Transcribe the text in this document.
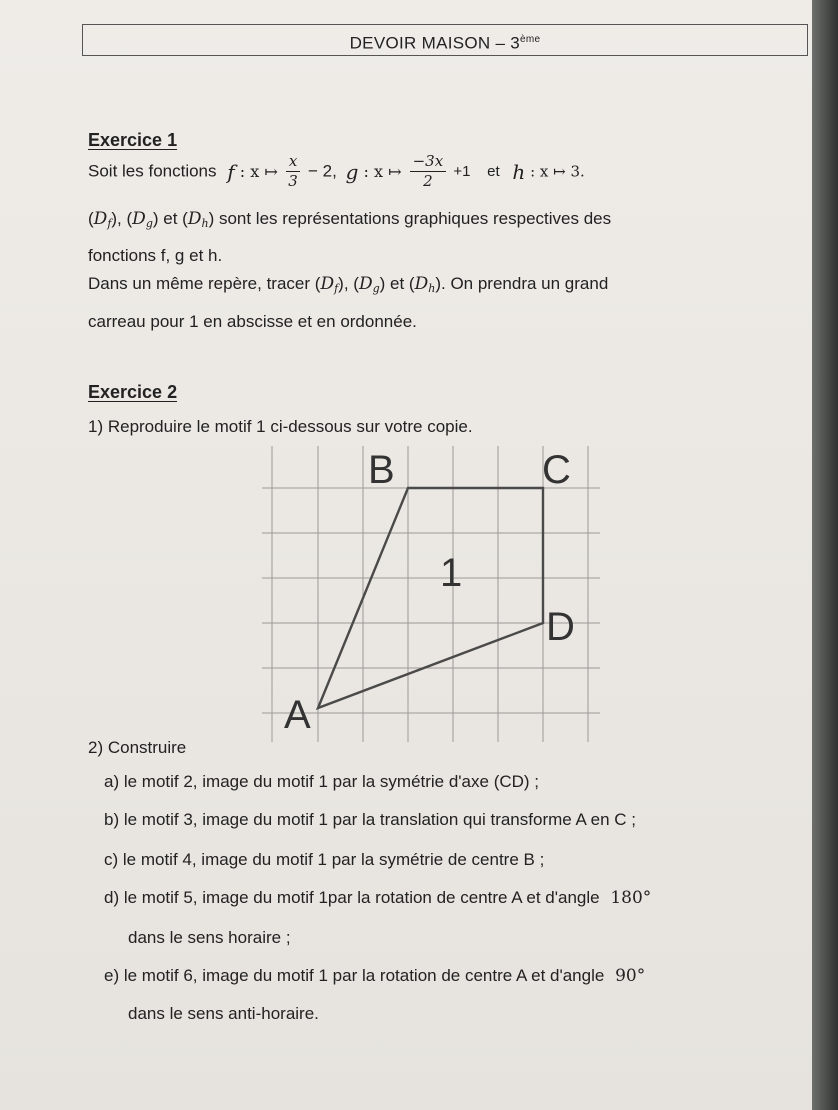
DEVOIR MAISON – 3ème
Exercice 1
Soit les fonctions f : x ↦ $\frac{x}{3} - 2$, g : x ↦ $\frac{-3x}{2} +1$ et h : x ↦ 3.
$(D_f)$, $(D_g)$ et $(D_h)$ sont les représentations graphiques respectives des
fonctions f, g et h.
Dans un même repère, tracer $(D_f)$, $(D_g)$ et $(D_h)$. On prendra un grand
carreau pour 1 en abscisse et en ordonnée.
Exercice 2
1) Reproduire le motif 1 ci-dessous sur votre copie.
B	C
1
D
A
2) Construire
a) le motif 2, image du motif 1 par la symétrie d'axe (CD) ;
b) le motif 3, image du motif 1 par la translation qui transforme A en C ;
c) le motif 4, image du motif 1 par la symétrie de centre B ;
d) le motif 5, image du motif 1par la rotation de centre A et d'angle 180°
dans le sens horaire ;
e) le motif 6, image du motif 1 par la rotation de centre A et d'angle 90°
dans le sens anti-horaire.
